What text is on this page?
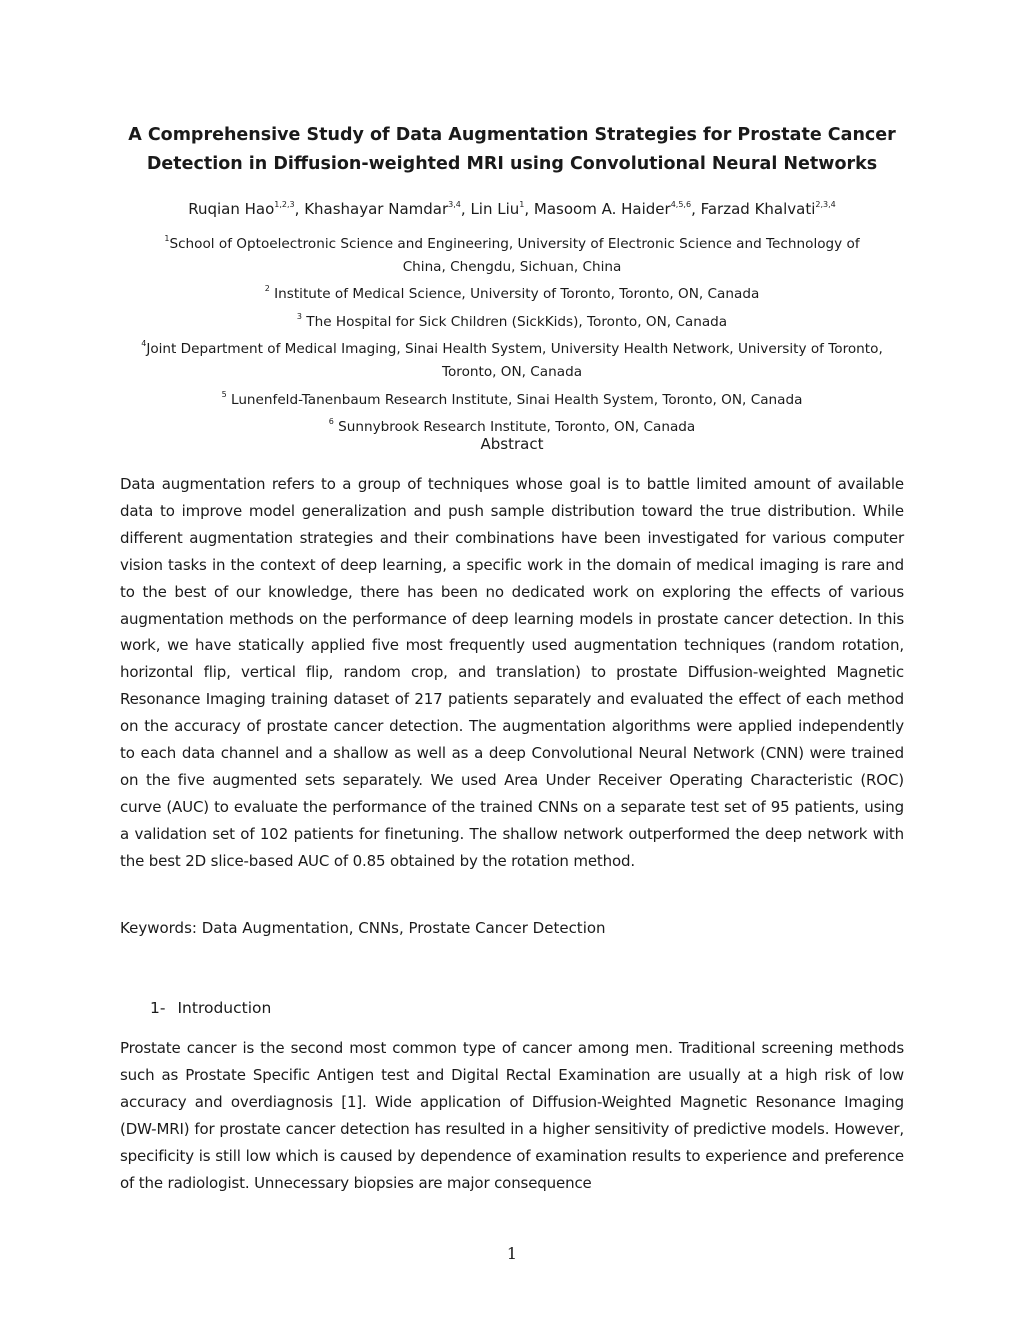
A Comprehensive Study of Data Augmentation Strategies for Prostate Cancer
Detection in Diffusion-weighted MRI using Convolutional Neural Networks
Ruqian Hao$^{1,2,3}$, Khashayar Namdar$^{3,4}$, Lin Liu$^1$, Masoom A. Haider$^{4,5,6}$, Farzad Khalvati$^{2,3,4}$
$^1$School of Optoelectronic Science and Engineering, University of Electronic Science and Technology of
China, Chengdu, Sichuan, China
$^2$ Institute of Medical Science, University of Toronto, Toronto, ON, Canada
$^3$ The Hospital for Sick Children (SickKids), Toronto, ON, Canada
$^4$Joint Department of Medical Imaging, Sinai Health System, University Health Network, University of Toronto,
Toronto, ON, Canada
$^5$ Lunenfeld-Tanenbaum Research Institute, Sinai Health System, Toronto, ON, Canada
$^6$ Sunnybrook Research Institute, Toronto, ON, Canada
Abstract

Data augmentation refers to a group of techniques whose goal is to battle limited amount of available data to improve model generalization and push sample distribution toward the true distribution. While different augmentation strategies and their combinations have been investigated for various computer vision tasks in the context of deep learning, a specific work in the domain of medical imaging is rare and to the best of our knowledge, there has been no dedicated work on exploring the effects of various augmentation methods on the performance of deep learning models in prostate cancer detection. In this work, we have statically applied five most frequently used augmentation techniques (random rotation, horizontal flip, vertical flip, random crop, and translation) to prostate Diffusion-weighted Magnetic Resonance Imaging training dataset of 217 patients separately and evaluated the effect of each method on the accuracy of prostate cancer detection. The augmentation algorithms were applied independently to each data channel and a shallow as well as a deep Convolutional Neural Network (CNN) were trained on the five augmented sets separately. We used Area Under Receiver Operating Characteristic (ROC) curve (AUC) to evaluate the performance of the trained CNNs on a separate test set of 95 patients, using a validation set of 102 patients for finetuning. The shallow network outperformed the deep network with the best 2D slice-based AUC of 0.85 obtained by the rotation method.

Keywords: Data Augmentation, CNNs, Prostate Cancer Detection
1- Introduction

Prostate cancer is the second most common type of cancer among men. Traditional screening methods such as Prostate Specific Antigen test and Digital Rectal Examination are usually at a high risk of low accuracy and overdiagnosis [1]. Wide application of Diffusion-Weighted Magnetic Resonance Imaging (DW-MRI) for prostate cancer detection has resulted in a higher sensitivity of predictive models. However, specificity is still low which is caused by dependence of examination results to experience and preference of the radiologist. Unnecessary biopsies are major consequence

1
